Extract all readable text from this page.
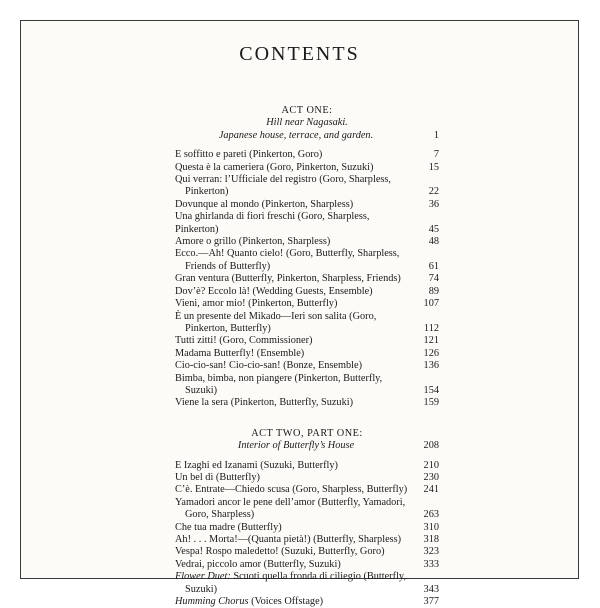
CONTENTS
ACT ONE:
Hill near Nagasaki.
Japanese house, terrace, and garden.	1
E soffitto e pareti (Pinkerton, Goro)	7
Questa è la cameriera (Goro, Pinkerton, Suzuki)	15
Qui verran: l’Ufficiale del registro (Goro, Sharpless,
Pinkerton)	22
Dovunque al mondo (Pinkerton, Sharpless)	36
Una ghirlanda di fiori freschi (Goro, Sharpless, Pinkerton)	45
Amore o grillo (Pinkerton, Sharpless)	48
Ecco.—Ah! Quanto cielo! (Goro, Butterfly, Sharpless,
Friends of Butterfly)	61
Gran ventura (Butterfly, Pinkerton, Sharpless, Friends)	74
Dov’è? Eccolo là! (Wedding Guests, Ensemble)	89
Vieni, amor mio! (Pinkerton, Butterfly)	107
È un presente del Mikado—Ieri son salita (Goro,
Pinkerton, Butterfly)	112
Tutti zitti! (Goro, Commissioner)	121
Madama Butterfly! (Ensemble)	126
Cio-cio-san! Cio-cio-san! (Bonze, Ensemble)	136
Bimba, bimba, non piangere (Pinkerton, Butterfly,
Suzuki)	154
Viene la sera (Pinkerton, Butterfly, Suzuki)	159
ACT TWO, PART ONE:
Interior of Butterfly’s House	208
E Izaghi ed Izanami (Suzuki, Butterfly)	210
Un bel dì (Butterfly)	230
C’è. Entrate—Chiedo scusa (Goro, Sharpless, Butterfly) 241
Yamadori ancor le pene dell’amor (Butterfly, Yamadori,
Goro, Sharpless)	263
Che tua madre (Butterfly)	310
Ah! . . . Morta!—(Quanta pietà!) (Butterfly, Sharpless)	318
Vespa! Rospo maledetto! (Suzuki, Butterfly, Goro)	323
Vedrai, piccolo amor (Butterfly, Suzuki)	333
Flower Duet: Scuoti quella fronda di ciliegio (Butterfly,
Suzuki)	343
Humming Chorus (Voices Offstage)	377
